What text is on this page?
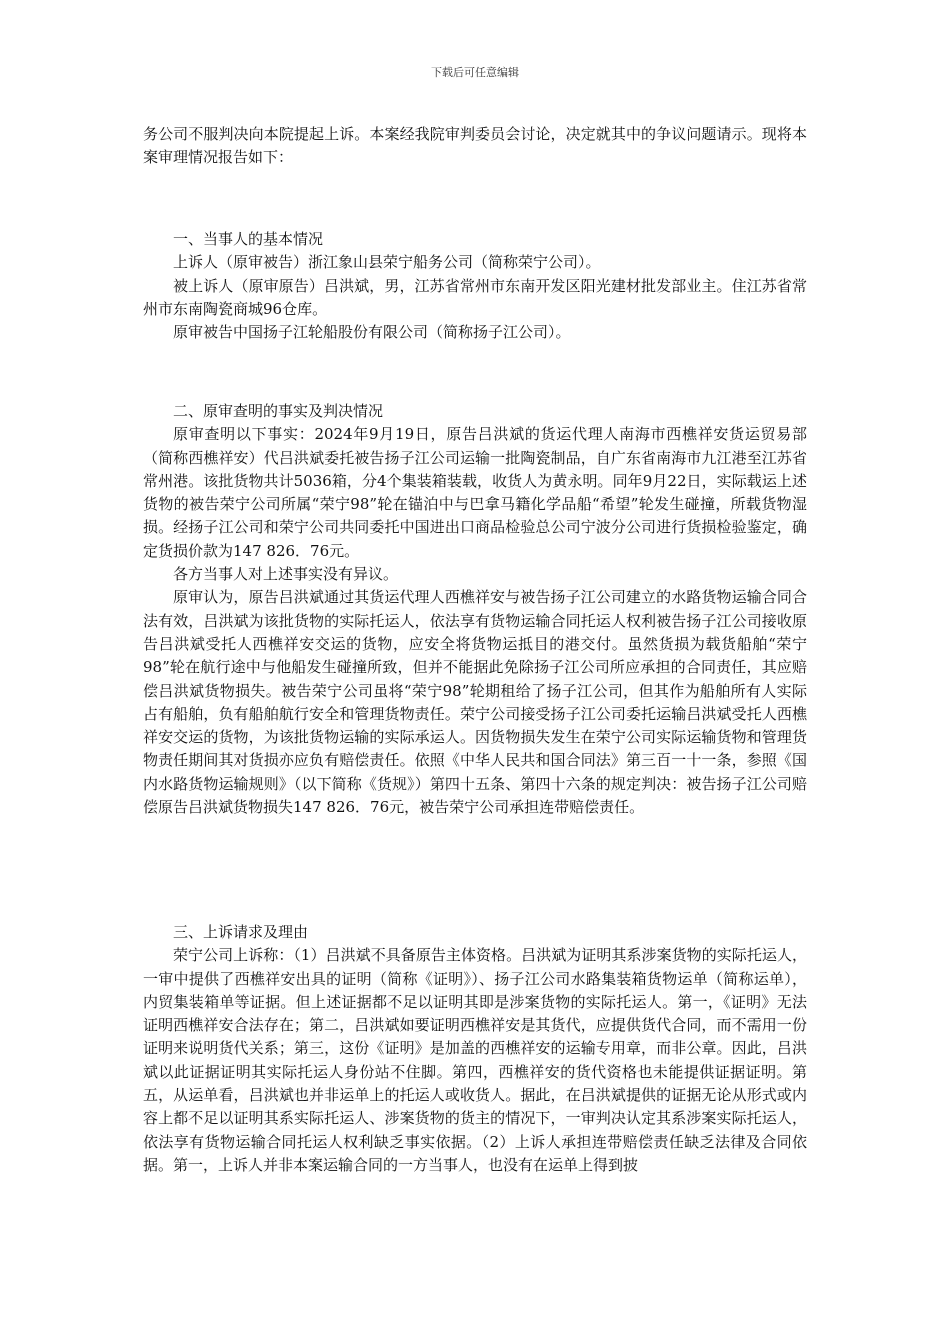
下载后可任意编辑

务公司不服判决向本院提起上诉。本案经我院审判委员会讨论，决定就其中的争议问题请示。现将本案审理情况报告如下：

一、当事人的基本情况

上诉人（原审被告）浙江象山县荣宁船务公司（简称荣宁公司）。

被上诉人（原审原告）吕洪斌，男，江苏省常州市东南开发区阳光建材批发部业主。住江苏省常州市东南陶瓷商城96仓库。

原审被告中国扬子江轮船股份有限公司（简称扬子江公司）。

二、原审查明的事实及判决情况

原审查明以下事实：2024年9月19日，原告吕洪斌的货运代理人南海市西樵祥安货运贸易部（简称西樵祥安）代吕洪斌委托被告扬子江公司运输一批陶瓷制品，自广东省南海市九江港至江苏省常州港。该批货物共计5036箱，分4个集装箱装载，收货人为黄永明。同年9月22日，实际载运上述货物的被告荣宁公司所属“荣宁98”轮在锚泊中与巴拿马籍化学品船“希望”轮发生碰撞，所载货物湿损。经扬子江公司和荣宁公司共同委托中国进出口商品检验总公司宁波分公司进行货损检验鉴定，确定货损价款为147 826．76元。

各方当事人对上述事实没有异议。

原审认为，原告吕洪斌通过其货运代理人西樵祥安与被告扬子江公司建立的水路货物运输合同合法有效，吕洪斌为该批货物的实际托运人，依法享有货物运输合同托运人权利被告扬子江公司接收原告吕洪斌受托人西樵祥安交运的货物，应安全将货物运抵目的港交付。虽然货损为载货船舶“荣宁98”轮在航行途中与他船发生碰撞所致，但并不能据此免除扬子江公司所应承担的合同责任，其应赔偿吕洪斌货物损失。被告荣宁公司虽将“荣宁98”轮期租给了扬子江公司，但其作为船舶所有人实际占有船舶，负有船舶航行安全和管理货物责任。荣宁公司接受扬子江公司委托运输吕洪斌受托人西樵祥安交运的货物，为该批货物运输的实际承运人。因货物损失发生在荣宁公司实际运输货物和管理货物责任期间其对货损亦应负有赔偿责任。依照《中华人民共和国合同法》第三百一十一条，参照《国内水路货物运输规则》（以下简称《货规》）第四十五条、第四十六条的规定判决：被告扬子江公司赔偿原告吕洪斌货物损失147 826．76元，被告荣宁公司承担连带赔偿责任。

三、上诉请求及理由

荣宁公司上诉称：（1）吕洪斌不具备原告主体资格。吕洪斌为证明其系涉案货物的实际托运人，一审中提供了西樵祥安出具的证明（简称《证明》）、扬子江公司水路集装箱货物运单（简称运单），内贸集装箱单等证据。但上述证据都不足以证明其即是涉案货物的实际托运人。第一，《证明》无法证明西樵祥安合法存在；第二，吕洪斌如要证明西樵祥安是其货代，应提供货代合同，而不需用一份证明来说明货代关系；第三，这份《证明》是加盖的西樵祥安的运输专用章，而非公章。因此，吕洪斌以此证据证明其实际托运人身份站不住脚。第四，西樵祥安的货代资格也未能提供证据证明。第五，从运单看，吕洪斌也并非运单上的托运人或收货人。据此，在吕洪斌提供的证据无论从形式或内容上都不足以证明其系实际托运人、涉案货物的货主的情况下，一审判决认定其系涉案实际托运人，依法享有货物运输合同托运人权利缺乏事实依据。（2）上诉人承担连带赔偿责任缺乏法律及合同依据。第一，上诉人并非本案运输合同的一方当事人，也没有在运单上得到披
